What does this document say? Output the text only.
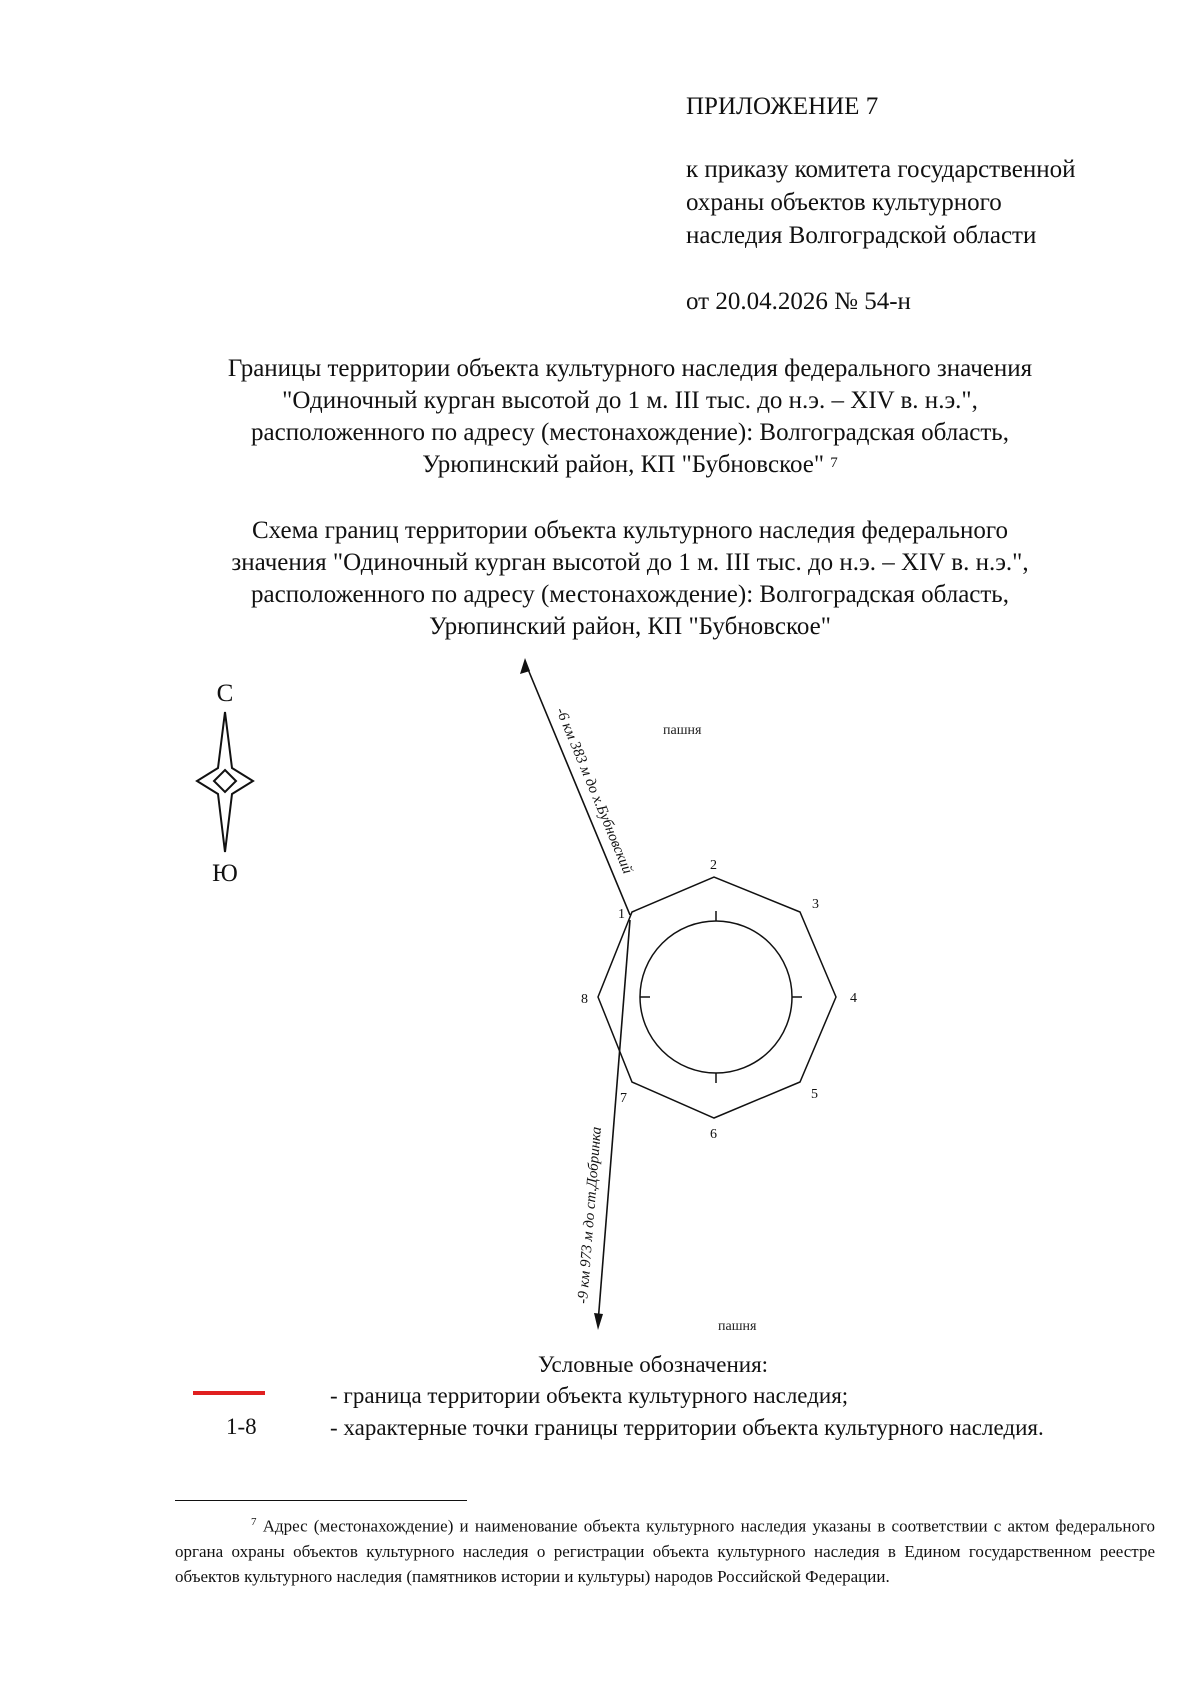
ПРИЛОЖЕНИЕ 7

к приказу комитета государственной

охраны объектов культурного

наследия Волгоградской области

от 20.04.2026 № 54-н

Границы территории объекта культурного наследия федерального значения

"Одиночный курган высотой до 1 м. III тыс. до н.э. – XIV в. н.э.",

расположенного по адресу (местонахождение): Волгоградская область,

Урюпинский район, КП "Бубновское" $^7$

Схема границ территории объекта культурного наследия федерального

значения "Одиночный курган высотой до 1 м. III тыс. до н.э. – XIV в. н.э.",

расположенного по адресу (местонахождение): Волгоградская область,

Урюпинский район, КП "Бубновское"

С
Ю
пашня
пашня
-6 км 383 м до х.Бубновский
-9 км 973 м до ст.Добринка
1
2
3
4
5
6
7
8
Условные обозначения:
- граница территории объекта культурного наследия;
1-8	- характерные точки границы территории объекта культурного наследия.
$^7$ Адрес (местонахождение) и наименование объекта культурного наследия указаны в соответствии с актом федерального органа охраны объектов культурного наследия о регистрации объекта культурного наследия в Едином государственном реестре объектов культурного наследия (памятников истории и культуры) народов Российской Федерации.
